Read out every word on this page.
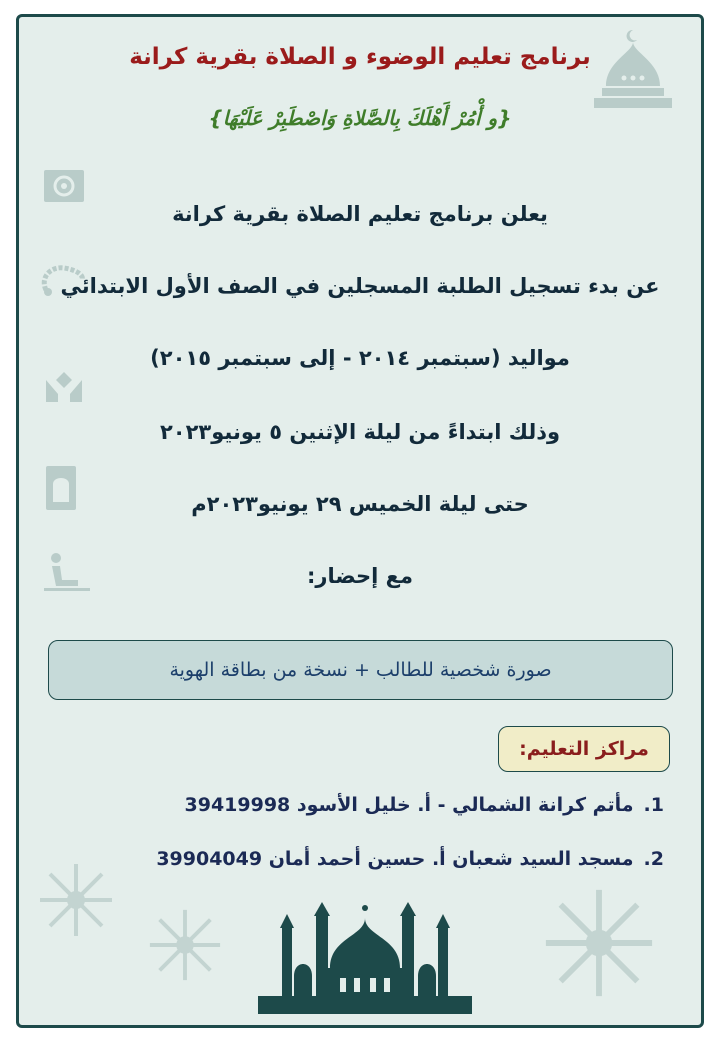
برنامج تعليم الوضوء و الصلاة بقرية كرانة
{و أْمُرْ أَهْلَكَ بِالصَّلاةِ وَاصْطَبِرْ عَلَيْهَا}
يعلن برنامج تعليم الصلاة بقرية كرانة
عن بدء تسجيل الطلبة المسجلين في الصف الأول الابتدائي
مواليد (سبتمبر ٢٠١٤ - إلى سبتمبر ٢٠١٥)
وذلك ابتداءً من ليلة الإثنين ٥ يونيو٢٠٢٣
حتى ليلة الخميس ٢٩ يونيو٢٠٢٣م
مع إحضار:
صورة شخصية للطالب + نسخة من بطاقة الهوية
مراكز التعليم:
1.
مأتم كرانة الشمالي - أ. خليل الأسود 39419998
2.
مسجد السيد شعبان أ. حسين أحمد أمان 39904049
